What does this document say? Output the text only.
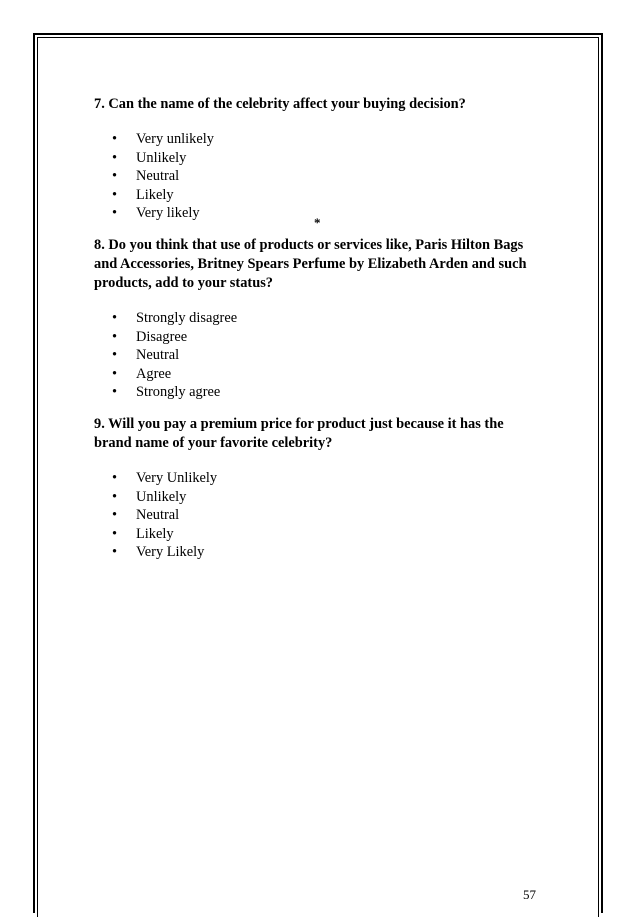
7. Can the name of the celebrity affect your buying decision?
• Very unlikely
• Unlikely
• Neutral
• Likely
• Very likely
*
8. Do you think that use of products or services like, Paris Hilton Bags and Accessories, Britney Spears Perfume by Elizabeth Arden and such products, add to your status?
• Strongly disagree
• Disagree
• Neutral
• Agree
• Strongly agree
9. Will you pay a premium price for product just because it has the brand name of your favorite celebrity?
• Very Unlikely
• Unlikely
• Neutral
• Likely
• Very Likely
57
